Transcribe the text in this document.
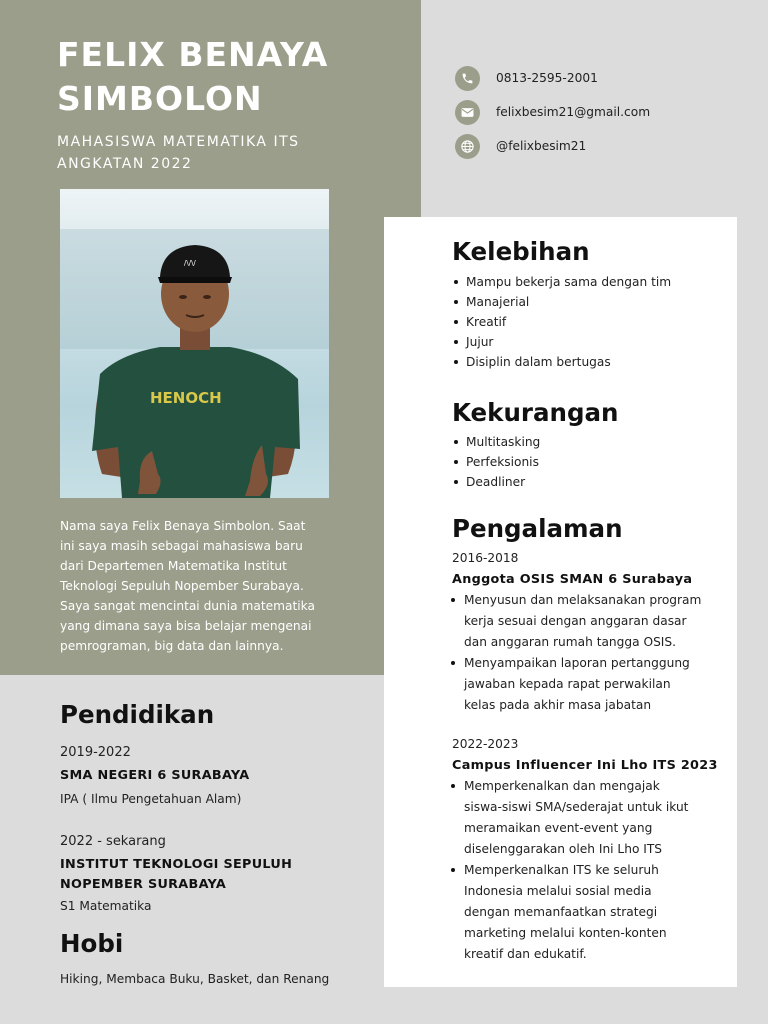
FELIX BENAYA
SIMBOLON
MAHASISWA MATEMATIKA ITS
ANGKATAN 2022
HENOCH
/\/\/
Nama saya Felix Benaya Simbolon. Saat
ini saya masih sebagai mahasiswa baru
dari Departemen Matematika Institut
Teknologi Sepuluh Nopember Surabaya.
Saya sangat mencintai dunia matematika
yang dimana saya bisa belajar mengenai
pemrograman, big data dan lainnya.
0813-2595-2001
felixbesim21@gmail.com
@felixbesim21
Kelebihan
Mampu bekerja sama dengan tim
Manajerial
Kreatif
Jujur
Disiplin dalam bertugas
Kekurangan
Multitasking
Perfeksionis
Deadliner
Pengalaman
2016-2018
Anggota OSIS SMAN 6 Surabaya
Menyusun dan melaksanakan program
kerja sesuai dengan anggaran dasar
dan anggaran rumah tangga OSIS.
Menyampaikan laporan pertanggung
jawaban kepada rapat perwakilan
kelas pada akhir masa jabatan
2022-2023
Campus Influencer Ini Lho ITS 2023
Memperkenalkan dan mengajak
siswa-siswi SMA/sederajat untuk ikut
meramaikan event-event yang
diselenggarakan oleh Ini Lho ITS
Memperkenalkan ITS ke seluruh
Indonesia melalui sosial media
dengan memanfaatkan strategi
marketing melalui konten-konten
kreatif dan edukatif.
Pendidikan
2019-2022
SMA NEGERI 6 SURABAYA
IPA ( Ilmu Pengetahuan Alam)
2022 - sekarang
INSTITUT TEKNOLOGI SEPULUH
NOPEMBER SURABAYA
S1 Matematika
Hobi
Hiking, Membaca Buku, Basket, dan Renang
